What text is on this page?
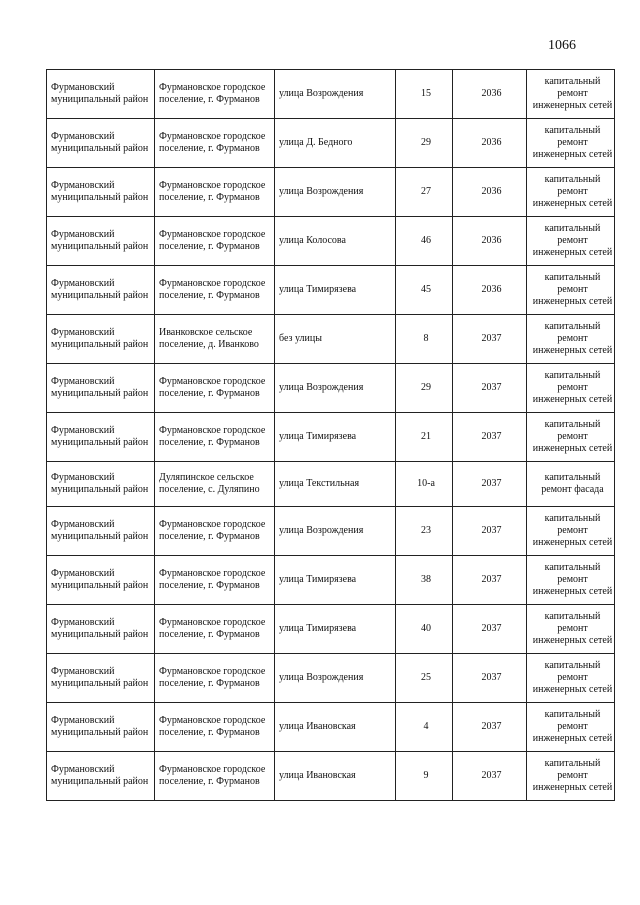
1066
Фурмановский муниципальный район	Фурмановское городское поселение, г. Фурманов	улица Возрождения	15	2036	капитальный ремонт инженерных сетей
Фурмановский муниципальный район	Фурмановское городское поселение, г. Фурманов	улица Д. Бедного	29	2036	капитальный ремонт инженерных сетей
Фурмановский муниципальный район	Фурмановское городское поселение, г. Фурманов	улица Возрождения	27	2036	капитальный ремонт инженерных сетей
Фурмановский муниципальный район	Фурмановское городское поселение, г. Фурманов	улица Колосова	46	2036	капитальный ремонт инженерных сетей
Фурмановский муниципальный район	Фурмановское городское поселение, г. Фурманов	улица Тимирязева	45	2036	капитальный ремонт инженерных сетей
Фурмановский муниципальный район	Иванковское сельское поселение, д. Иванково	без улицы	8	2037	капитальный ремонт инженерных сетей
Фурмановский муниципальный район	Фурмановское городское поселение, г. Фурманов	улица Возрождения	29	2037	капитальный ремонт инженерных сетей
Фурмановский муниципальный район	Фурмановское городское поселение, г. Фурманов	улица Тимирязева	21	2037	капитальный ремонт инженерных сетей
Фурмановский муниципальный район	Дуляпинское сельское поселение, с. Дуляпино	улица Текстильная	10-а	2037	капитальный ремонт фасада
Фурмановский муниципальный район	Фурмановское городское поселение, г. Фурманов	улица Возрождения	23	2037	капитальный ремонт инженерных сетей
Фурмановский муниципальный район	Фурмановское городское поселение, г. Фурманов	улица Тимирязева	38	2037	капитальный ремонт инженерных сетей
Фурмановский муниципальный район	Фурмановское городское поселение, г. Фурманов	улица Тимирязева	40	2037	капитальный ремонт инженерных сетей
Фурмановский муниципальный район	Фурмановское городское поселение, г. Фурманов	улица Возрождения	25	2037	капитальный ремонт инженерных сетей
Фурмановский муниципальный район	Фурмановское городское поселение, г. Фурманов	улица Ивановская	4	2037	капитальный ремонт инженерных сетей
Фурмановский муниципальный район	Фурмановское городское поселение, г. Фурманов	улица Ивановская	9	2037	капитальный ремонт инженерных сетей
